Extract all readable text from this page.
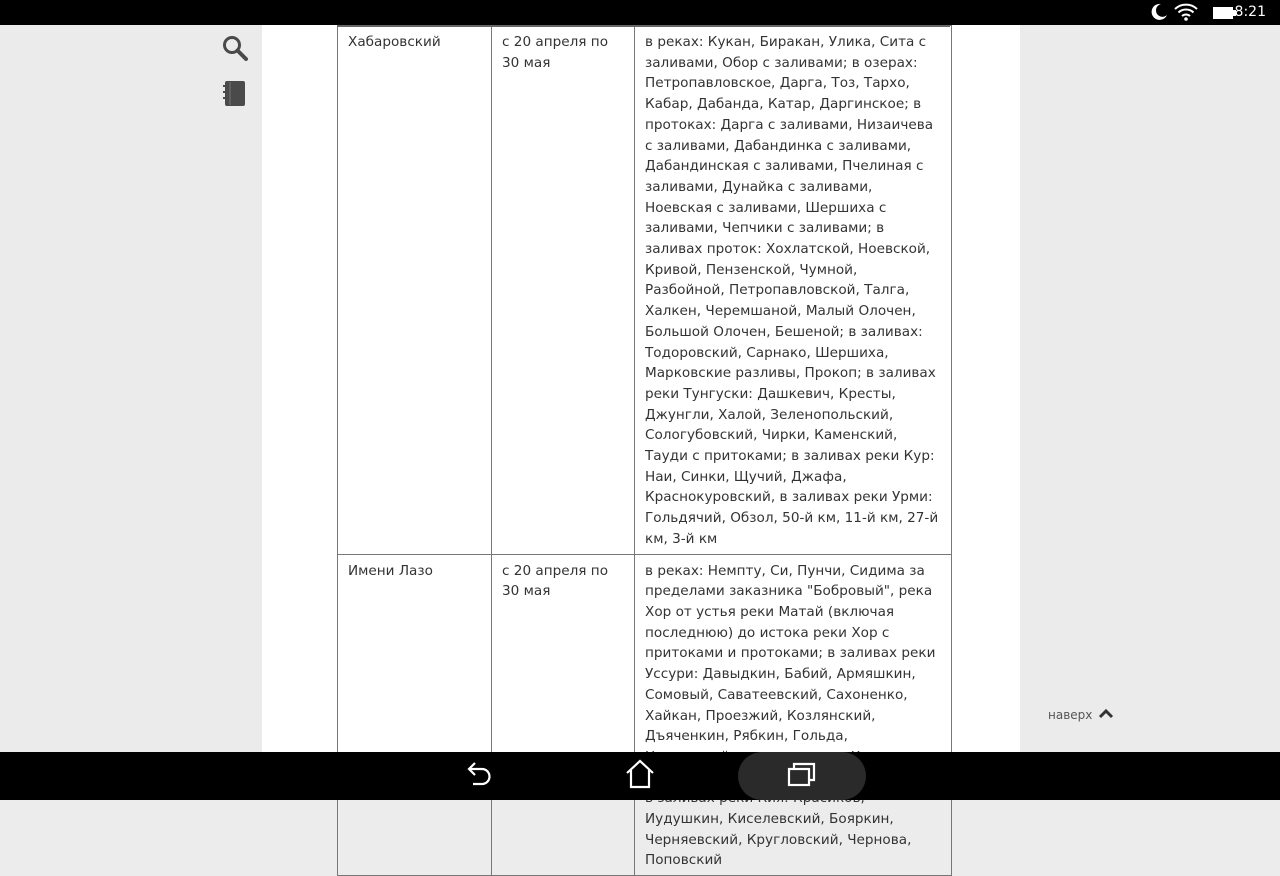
8:21
Хабаровский	с 20 апреля по 30 мая	в реках: Кукан, Биракан, Улика, Сита с заливами, Обор с заливами; в озерах: Петропавловское, Дарга, Тоз, Тархо, Кабар, Дабанда, Катар, Даргинское; в протоках: Дарга с заливами, Низаичева с заливами, Дабандинка с заливами, Дабандинская с заливами, Пчелиная с заливами, Дунайка с заливами, Ноевская с заливами, Шершиха с заливами, Чепчики с заливами; в заливах проток: Хохлатской, Ноевской, Кривой, Пензенской, Чумной, Разбойной, Петропавловской, Талга, Халкен, Черемшаной, Малый Олочен, Большой Олочен, Бешеной; в заливах: Тодоровский, Сарнако, Шершиха, Марковские разливы, Прокоп; в заливах реки Тунгуски: Дашкевич, Кресты, Джунгли, Халой, Зеленопольский, Сологубовский, Чирки, Каменский, Тауди с притоками; в заливах реки Кур: Наи, Синки, Щучий, Джафа, Краснокуровский, в заливах реки Урми: Гольдячий, Обзол, 50-й км, 11-й км, 27-й км, 3-й км
Имени Лазо	с 20 апреля по 30 мая	в реках: Немпту, Си, Пунчи, Сидима за пределами заказника "Бобровый", река Хор от устья реки Матай (включая последнюю) до истока реки Хор с притоками и протоками; в заливах реки Уссури: Давыдкин, Бабий, Армяшкин, Сомовый, Саватеевский, Сахоненко, Хайкан, Проезжий, Козлянский, Дъяченкин, Рябкин, Гольда, Иудушкин, Киселевский, Бояркин, Черняевский, Кругловский, Чернова, Поповский
наверх
